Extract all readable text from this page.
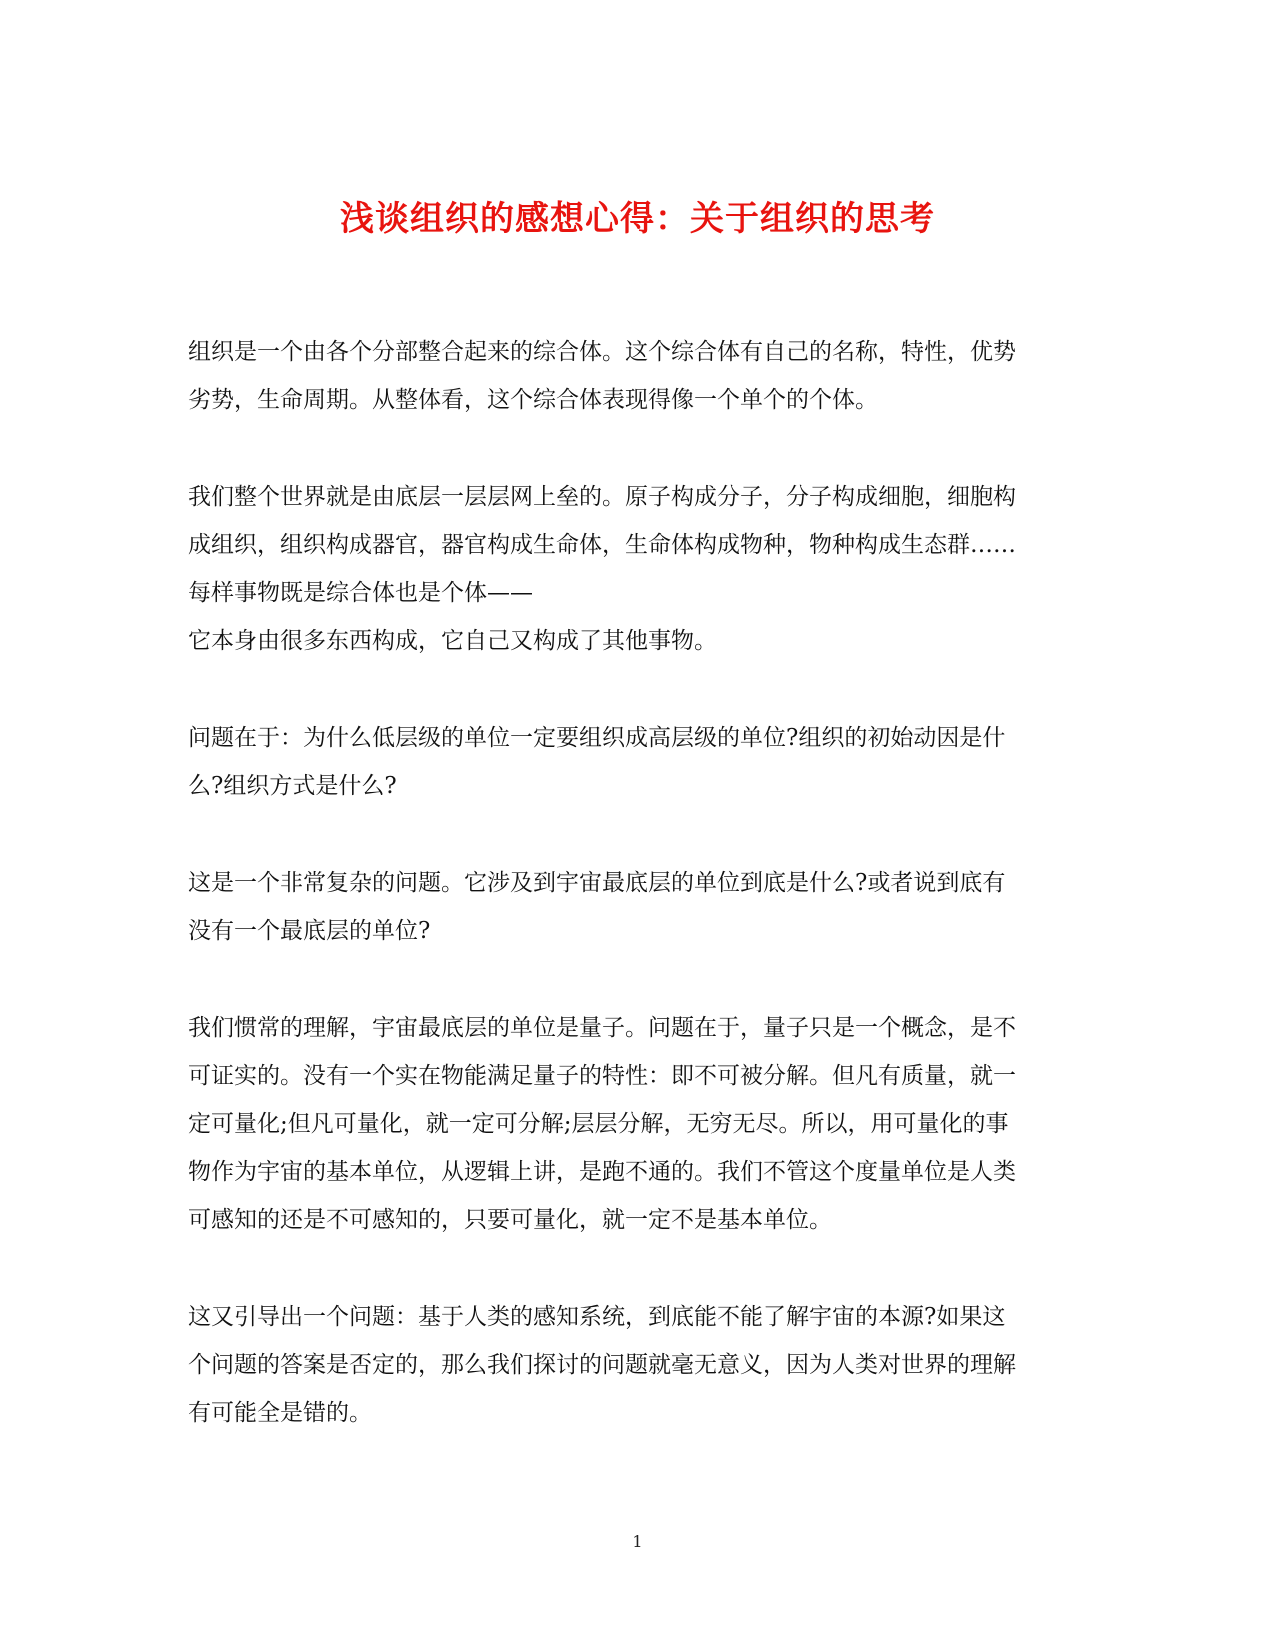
浅谈组织的感想心得：关于组织的思考

组织是一个由各个分部整合起来的综合体。这个综合体有自己的名称，特性，优势
劣势，生命周期。从整体看，这个综合体表现得像一个单个的个体。

我们整个世界就是由底层一层层网上垒的。原子构成分子，分子构成细胞，细胞构
成组织，组织构成器官，器官构成生命体，生命体构成物种，物种构成生态群……
每样事物既是综合体也是个体——
它本身由很多东西构成，它自己又构成了其他事物。

问题在于：为什么低层级的单位一定要组织成高层级的单位?组织的初始动因是什
么?组织方式是什么?

这是一个非常复杂的问题。它涉及到宇宙最底层的单位到底是什么?或者说到底有
没有一个最底层的单位?

我们惯常的理解，宇宙最底层的单位是量子。问题在于，量子只是一个概念，是不
可证实的。没有一个实在物能满足量子的特性：即不可被分解。但凡有质量，就一
定可量化;但凡可量化，就一定可分解;层层分解，无穷无尽。所以，用可量化的事
物作为宇宙的基本单位，从逻辑上讲，是跑不通的。我们不管这个度量单位是人类
可感知的还是不可感知的，只要可量化，就一定不是基本单位。

这又引导出一个问题：基于人类的感知系统，到底能不能了解宇宙的本源?如果这
个问题的答案是否定的，那么我们探讨的问题就毫无意义，因为人类对世界的理解
有可能全是错的。

1
